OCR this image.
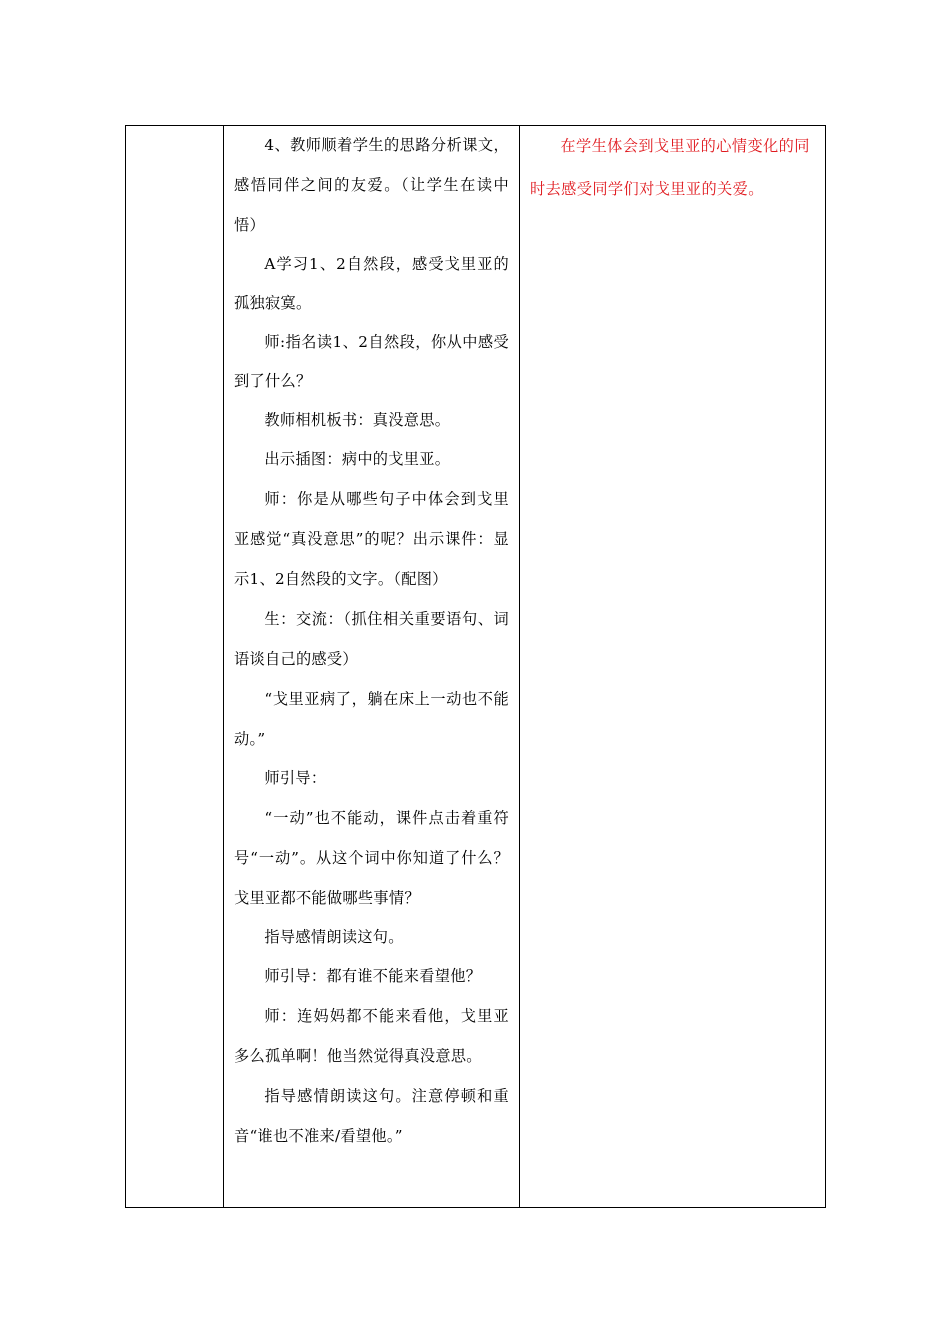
4、教师顺着学生的思路分析课文，感悟同伴之间的友爱。（让学生在读中悟）

A学习1、2自然段，感受戈里亚的孤独寂寞。

师:指名读1、2自然段，你从中感受到了什么？

教师相机板书：真没意思。

出示插图：病中的戈里亚。

师：你是从哪些句子中体会到戈里亚感觉“真没意思”的呢？出示课件：显示1、2自然段的文字。（配图）

生：交流：（抓住相关重要语句、词语谈自己的感受）

“戈里亚病了，躺在床上一动也不能动。”

师引导：

“一动”也不能动，课件点击着重符号“一动”。从这个词中你知道了什么？戈里亚都不能做哪些事情？

指导感情朗读这句。

师引导：都有谁不能来看望他？

师：连妈妈都不能来看他，戈里亚多么孤单啊！他当然觉得真没意思。

指导感情朗读这句。注意停顿和重音“谁也不准来/看望他。”

在学生体会到戈里亚的心情变化的同时去感受同学们对戈里亚的关爱。
